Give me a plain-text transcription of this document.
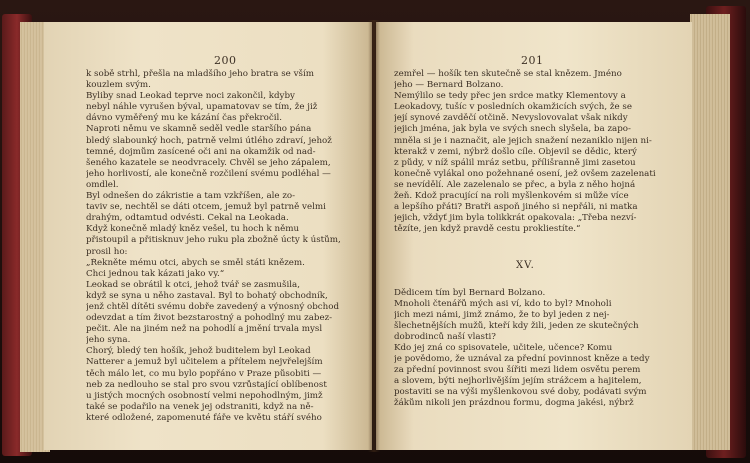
200
k sobě strhl, přešla na mladšího jeho bratra se vším
kouzlem svým.
Byliby snad Leokad teprve noci zakončil, kdyby
nebyl náhle vyrušen býval, upamatovav se tím, že již
dávno vyměřený mu ke kázání čas překročil.
Naproti němu ve skamně seděl vedle staršího pána
bledý slabounký hoch, patrně velmi útlého zdraví, jehož
temné, dojmům zasícené oči ani na okamžik od nad-
šeného kazatele se neodvracely. Chvěl se jeho zápalem,
jeho horlivostí, ale konečně rozčilení svému podléhal —
omdlel.
Byl odnešen do zákristie a tam vzkříšen, ale zo-
taviv se, nechtěl se dáti otcem, jemuž byl patrně velmi
drahým, odtamtud odvésti. Čekal na Leokada.
Když konečně mladý kněz vešel, tu hoch k němu
přistoupil a přitisknuv jeho ruku pla zbožně úcty k ústům,
prosil ho:
„Řekněte mému otci, abych se směl státi knězem.
Chci jednou tak kázati jako vy.“
Leokad se obrátil k otci, jehož tvář se zasmušila,
když se syna u něho zastaval. Byl to bohatý obchodník,
jenž chtěl dítěti svému dobře zavedený a výnosný obchod
odevzdat a tím život bezstarostný a pohodlný mu zabez-
pečit. Ale na jiném než na pohodlí a jmění trvala mysl
jeho syna.
Chorý, bledý ten hošík, jehož buditelem byl Leokad
Natterer a jemuž byl učitelem a přítelem nejvřelejším
těch málo let, co mu bylo popřáno v Praze působiti —
neb za nedlouho se stal pro svou vzrůstající oblíbenost
u jistých mocných osobností velmi nepohodlným, jimž
také se podařilo na venek jej odstraniti, když na ně-
které odložené, zapomenuté fáře ve květu stáří svého
201
zemřel — hošík ten skutečně se stal knězem. Jméno
jeho — Bernard Bolzano.
Nemýlilo se tedy přec jen srdce matky Klementovy a
Leokadovy, tušíc v posledních okamžicích svých, že se
její synové zavděčí otčině. Nevyslovovalat však nikdy
jejich jména, jak byla ve svých snech slyšela, ba zapo-
mněla si je i naznačit, ale jejich snažení nezaniklo nijen ni-
kterakž v zemi, nýbrž došlo cíle. Objevil se dědic, který
z půdy, v níž spálil mráz setbu, přílišranně jimi zasetou
konečně vylákal ono požehnané osení, jež ovšem zazelenati
se nevídělí. Ale zazelenalo se přec, a byla z něho hojná
žeň. Kdož pracující na roli myšlenkovém si může více
a lepšího přáti? Bratři aspoň jiného si nepřáli, ni matka
jejich, vždyť jim byla tolikkrát opakovala: „Třeba nezví-
tězíte, jen když pravdě cestu prokliestíte.“
XV.
Dědicem tím byl Bernard Bolzano.
Mnoholi čtenářů mých asi ví, kdo to byl? Mnoholi
jich mezi námi, jimž známo, že to byl jeden z nej-
šlechetnějších mužů, kteří kdy žili, jeden ze skutečných
dobrodinců naší vlasti?
Kdo jej zná co spisovatele, učitele, učence? Komu
je povědomo, že uznával za přední povinnost kněze a tedy
za přední povinnost svou šířiti mezi lidem osvětu perem
a slovem, býti nejhorlivějším jejím strážcem a hajitelem,
postaviti se na výši myšlenkovou své doby, podávati svým
žákům nikoli jen prázdnou formu, dogma jakési, nýbrž
